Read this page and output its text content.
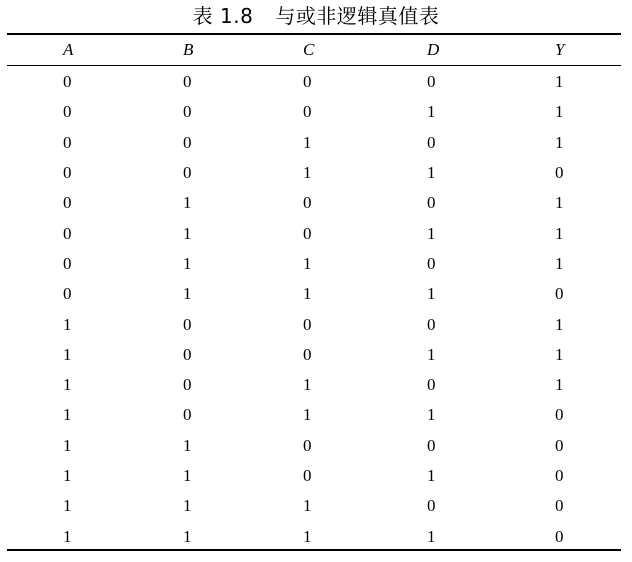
表 1.8 与或非逻辑真值表
A	B	C	D	Y
0	0	0	0	1
0	0	0	1	1
0	0	1	0	1
0	0	1	1	0
0	1	0	0	1
0	1	0	1	1
0	1	1	0	1
0	1	1	1	0
1	0	0	0	1
1	0	0	1	1
1	0	1	0	1
1	0	1	1	0
1	1	0	0	0
1	1	0	1	0
1	1	1	0	0
1	1	1	1	0
